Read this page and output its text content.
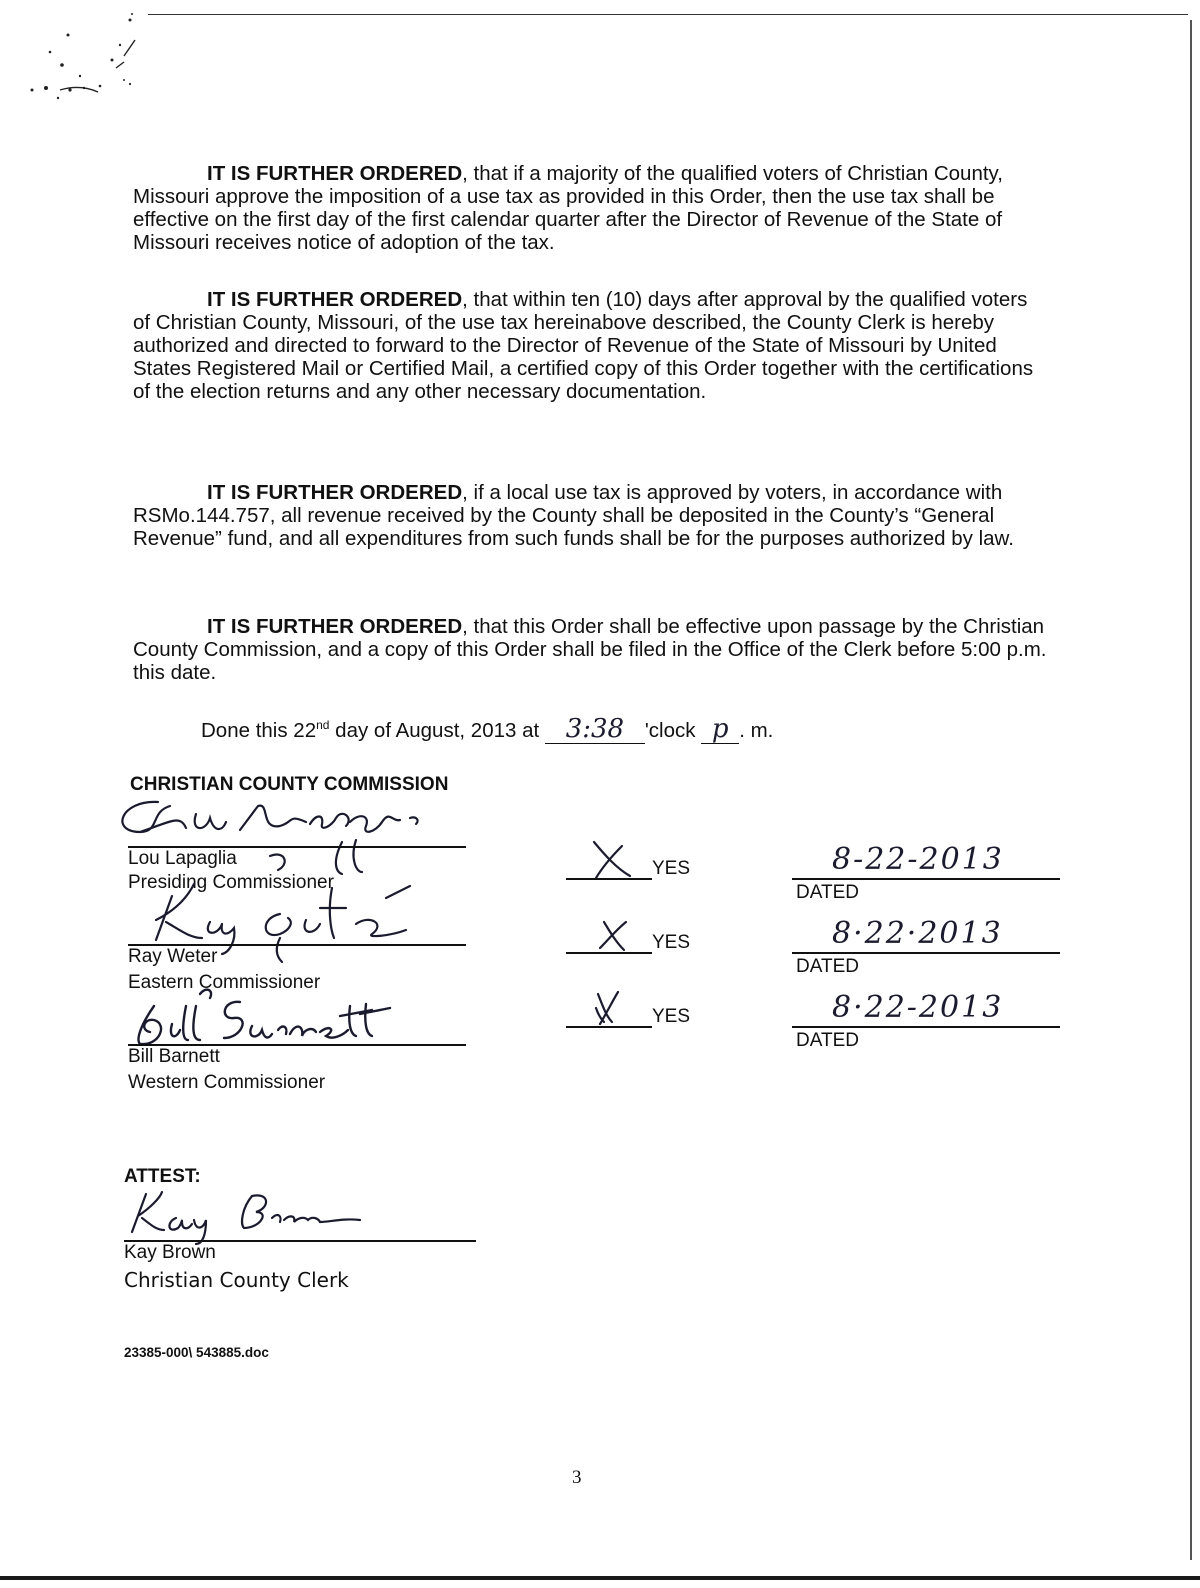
IT IS FURTHER ORDERED, that if a majority of the qualified voters of Christian County, Missouri approve the imposition of a use tax as provided in this Order, then the use tax shall be effective on the first day of the first calendar quarter after the Director of Revenue of the State of Missouri receives notice of adoption of the tax.

IT IS FURTHER ORDERED, that within ten (10) days after approval by the qualified voters of Christian County, Missouri, of the use tax hereinabove described, the County Clerk is hereby authorized and directed to forward to the Director of Revenue of the State of Missouri by United States Registered Mail or Certified Mail, a certified copy of this Order together with the certifications of the election returns and any other necessary documentation.

IT IS FURTHER ORDERED, if a local use tax is approved by voters, in accordance with RSMo.144.757, all revenue received by the County shall be deposited in the County’s “General Revenue” fund, and all expenditures from such funds shall be for the purposes authorized by law.

IT IS FURTHER ORDERED, that this Order shall be effective upon passage by the Christian County Commission, and a copy of this Order shall be filed in the Office of the Clerk before 5:00 p.m. this date.

Done this 22nd day of August, 2013 at 3:38 'clock p . m.
CHRISTIAN COUNTY COMMISSION
Lou Lapaglia
Presiding Commissioner
Ray Weter
Eastern Commissioner
Bill Barnett
Western Commissioner
YES
YES
YES
8-22-2013
DATED
8·22·2013
DATED
8·22-2013
DATED
ATTEST:
Kay Brown
Christian County Clerk
23385-000\ 543885.doc
3
